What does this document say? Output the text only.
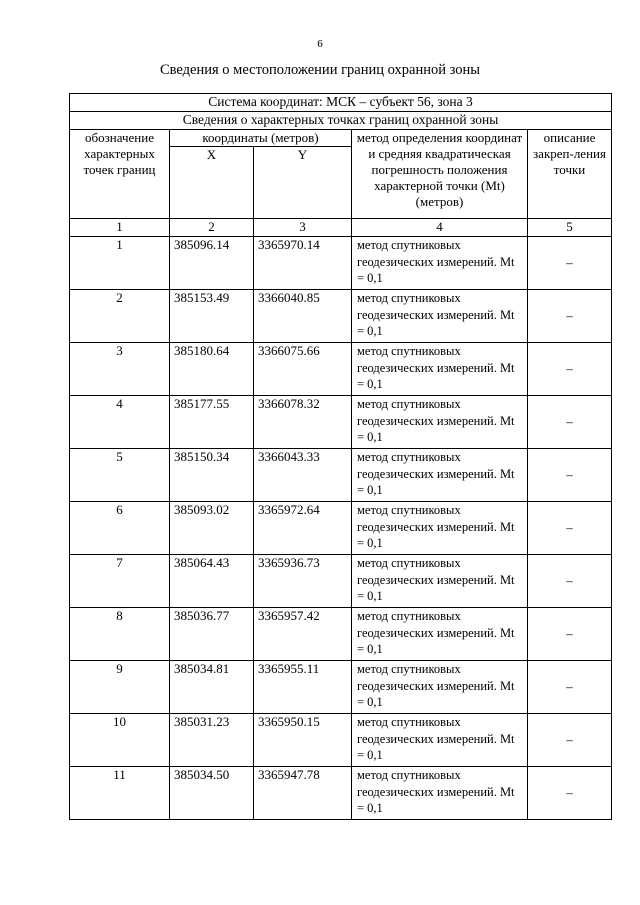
6
Сведения о местоположении границ охранной зоны
Система координат: МСК – субъект 56, зона 3				
Сведения о характерных точках границ охранной зоны				
обозначение характерных точек границ	координаты (метров)		метод определения координат и средняя квадратическая погрешность положения характерной точки (Mt) (метров)	описание закреп-ления точки
	X	Y		
1	2	3	4	5
1	385096.14	3365970.14	метод спутниковых геодезических измерений. Mt = 0,1	–
2	385153.49	3366040.85	метод спутниковых геодезических измерений. Mt = 0,1	–
3	385180.64	3366075.66	метод спутниковых геодезических измерений. Mt = 0,1	–
4	385177.55	3366078.32	метод спутниковых геодезических измерений. Mt = 0,1	–
5	385150.34	3366043.33	метод спутниковых геодезических измерений. Mt = 0,1	–
6	385093.02	3365972.64	метод спутниковых геодезических измерений. Mt = 0,1	–
7	385064.43	3365936.73	метод спутниковых геодезических измерений. Mt = 0,1	–
8	385036.77	3365957.42	метод спутниковых геодезических измерений. Mt = 0,1	–
9	385034.81	3365955.11	метод спутниковых геодезических измерений. Mt = 0,1	–
10	385031.23	3365950.15	метод спутниковых геодезических измерений. Mt = 0,1	–
11	385034.50	3365947.78	метод спутниковых геодезических измерений. Mt = 0,1	–
